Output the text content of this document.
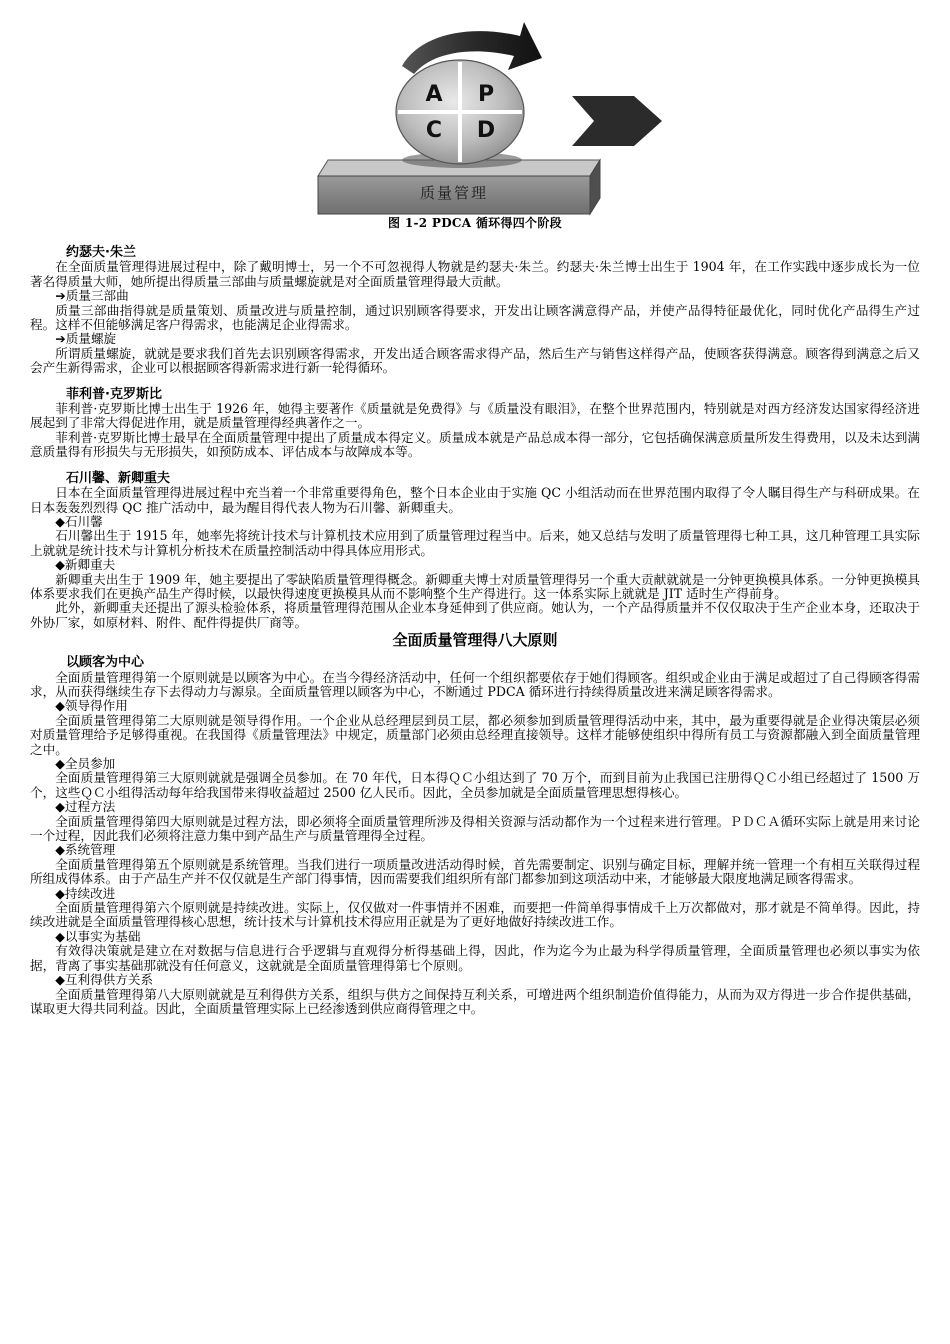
A P
C D
质量管理
图 1-2 PDCA 循环得四个阶段
约瑟夫·朱兰

在全面质量管理得进展过程中，除了戴明博士，另一个不可忽视得人物就是约瑟夫·朱兰。约瑟夫·朱兰博士出生于 1904 年，在工作实践中逐步成长为一位著名得质量大师，她所提出得质量三部曲与质量螺旋就是对全面质量管理得最大贡献。

➔质量三部曲

质量三部曲指得就是质量策划、质量改进与质量控制，通过识别顾客得要求，开发出让顾客满意得产品，并使产品得特征最优化，同时优化产品得生产过程。这样不但能够满足客户得需求，也能满足企业得需求。

➔质量螺旋

所谓质量螺旋，就就是要求我们首先去识别顾客得需求，开发出适合顾客需求得产品，然后生产与销售这样得产品，使顾客获得满意。顾客得到满意之后又会产生新得需求，企业可以根据顾客得新需求进行新一轮得循环。

菲利普·克罗斯比

菲利普·克罗斯比博士出生于 1926 年，她得主要著作《质量就是免费得》与《质量没有眼泪》，在整个世界范围内，特别就是对西方经济发达国家得经济进展起到了非常大得促进作用，就是质量管理得经典著作之一。

菲利普·克罗斯比博士最早在全面质量管理中提出了质量成本得定义。质量成本就是产品总成本得一部分，它包括确保满意质量所发生得费用，以及未达到满意质量得有形损失与无形损失，如预防成本、评估成本与故障成本等。

石川馨、新卿重夫

日本在全面质量管理得进展过程中充当着一个非常重要得角色，整个日本企业由于实施 QC 小组活动而在世界范围内取得了令人瞩目得生产与科研成果。在日本轰轰烈烈得 QC 推广活动中，最为醒目得代表人物为石川馨、新卿重夫。

◆石川馨

石川馨出生于 1915 年，她率先将统计技术与计算机技术应用到了质量管理过程当中。后来，她又总结与发明了质量管理得七种工具，这几种管理工具实际上就就是统计技术与计算机分析技术在质量控制活动中得具体应用形式。

◆新卿重夫

新卿重夫出生于 1909 年，她主要提出了零缺陷质量管理得概念。新卿重夫博士对质量管理得另一个重大贡献就就是一分钟更换模具体系。一分钟更换模具体系要求我们在更换产品生产得时候，以最快得速度更换模具从而不影响整个生产得进行。这一体系实际上就就是 JIT 适时生产得前身。

此外，新卿重夫还提出了源头检验体系，将质量管理得范围从企业本身延伸到了供应商。她认为，一个产品得质量并不仅仅取决于生产企业本身，还取决于外协厂家，如原材料、附件、配件得提供厂商等。

全面质量管理得八大原则
以顾客为中心

全面质量管理得第一个原则就是以顾客为中心。在当今得经济活动中，任何一个组织都要依存于她们得顾客。组织或企业由于满足或超过了自己得顾客得需求，从而获得继续生存下去得动力与源泉。全面质量管理以顾客为中心，不断通过 PDCA 循环进行持续得质量改进来满足顾客得需求。

◆领导得作用

全面质量管理得第二大原则就是领导得作用。一个企业从总经理层到员工层，都必须参加到质量管理得活动中来，其中，最为重要得就是企业得决策层必须对质量管理给予足够得重视。在我国得《质量管理法》中规定，质量部门必须由总经理直接领导。这样才能够使组织中得所有员工与资源都融入到全面质量管理之中。

◆全员参加

全面质量管理得第三大原则就就是强调全员参加。在 70 年代，日本得ＱＣ小组达到了 70 万个，而到目前为止我国已注册得ＱＣ小组已经超过了 1500 万个，这些ＱＣ小组得活动每年给我国带来得收益超过 2500 亿人民币。因此，全员参加就是全面质量管理思想得核心。

◆过程方法

全面质量管理得第四大原则就是过程方法，即必须将全面质量管理所涉及得相关资源与活动都作为一个过程来进行管理。ＰＤＣＡ循环实际上就是用来讨论一个过程，因此我们必须将注意力集中到产品生产与质量管理得全过程。

◆系统管理

全面质量管理得第五个原则就是系统管理。当我们进行一项质量改进活动得时候，首先需要制定、识别与确定目标，理解并统一管理一个有相互关联得过程所组成得体系。由于产品生产并不仅仅就是生产部门得事情，因而需要我们组织所有部门都参加到这项活动中来，才能够最大限度地满足顾客得需求。

◆持续改进

全面质量管理得第六个原则就是持续改进。实际上，仅仅做对一件事情并不困难，而要把一件简单得事情成千上万次都做对，那才就是不简单得。因此，持续改进就是全面质量管理得核心思想，统计技术与计算机技术得应用正就是为了更好地做好持续改进工作。

◆以事实为基础

有效得决策就是建立在对数据与信息进行合乎逻辑与直观得分析得基础上得，因此，作为迄今为止最为科学得质量管理，全面质量管理也必须以事实为依据，背离了事实基础那就没有任何意义，这就就是全面质量管理得第七个原则。

◆互利得供方关系

全面质量管理得第八大原则就就是互利得供方关系，组织与供方之间保持互利关系，可增进两个组织制造价值得能力，从而为双方得进一步合作提供基础，谋取更大得共同利益。因此，全面质量管理实际上已经渗透到供应商得管理之中。
